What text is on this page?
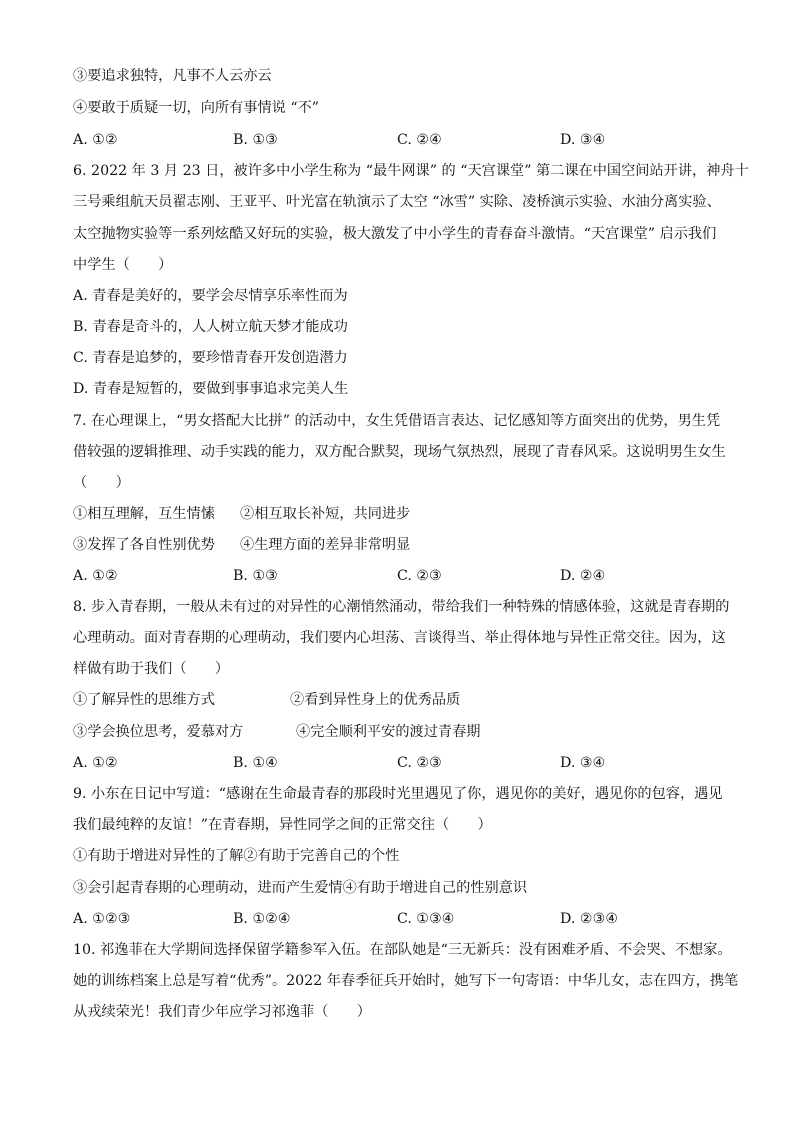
③要追求独特，凡事不人云亦云
④要敢于质疑一切，向所有事情说 “不”
A. ①②	B. ①③	C. ②④	D. ③④
6. 2022 年 3 月 23 日，被许多中小学生称为 “最牛网课” 的 “天宫课堂” 第二课在中国空间站开讲，神舟十
三号乘组航天员翟志刚、王亚平、叶光富在轨演示了太空 “冰雪” 实除、凌桥演示实验、水油分离实验、
太空抛物实验等一系列炫酷又好玩的实验，极大激发了中小学生的青春奋斗激情。“天宫课堂” 启示我们
中学生（　　）
A. 青春是美好的，要学会尽情享乐率性而为
B. 青春是奇斗的，人人树立航天梦才能成功
C. 青春是追梦的，要珍惜青春开发创造潜力
D. 青春是短暂的，要做到事事追求完美人生
7. 在心理课上，“男女搭配大比拼” 的活动中，女生凭借语言表达、记忆感知等方面突出的优势，男生凭
借较强的逻辑推理、动手实践的能力，双方配合默契，现场气氛热烈，展现了青春风采。这说明男生女生
（　　）
①相互理解，互生情愫 ②相互取长补短，共同进步
③发挥了各自性别优势 ④生理方面的差异非常明显
A. ①②	B. ①③	C. ②③	D. ②④
8. 步入青春期，一般从未有过的对异性的心潮悄然涌动，带给我们一种特殊的情感体验，这就是青春期的
心理萌动。面对青春期的心理萌动，我们要内心坦荡、言谈得当、举止得体地与异性正常交往。因为，这
样做有助于我们（　　）
①了解异性的思维方式	②看到异性身上的优秀品质
③学会换位思考，爱慕对方	④完全顺利平安的渡过青春期
A. ①②	B. ①④	C. ②③	D. ③④
9. 小东在日记中写道：“感谢在生命最青春的那段时光里遇见了你，遇见你的美好，遇见你的包容，遇见
我们最纯粹的友谊！”在青春期，异性同学之间的正常交往（　　）
①有助于增进对异性的了解②有助于完善自己的个性
③会引起青春期的心理萌动，进而产生爱情④有助于增进自己的性别意识
A. ①②③	B. ①②④	C. ①③④	D. ②③④
10. 祁逸菲在大学期间选择保留学籍参军入伍。在部队她是“三无新兵：没有困难矛盾、不会哭、不想家。
她的训练档案上总是写着“优秀”。2022 年春季征兵开始时，她写下一句寄语：中华儿女，志在四方，携笔
从戎续荣光！我们青少年应学习祁逸菲（　　）
